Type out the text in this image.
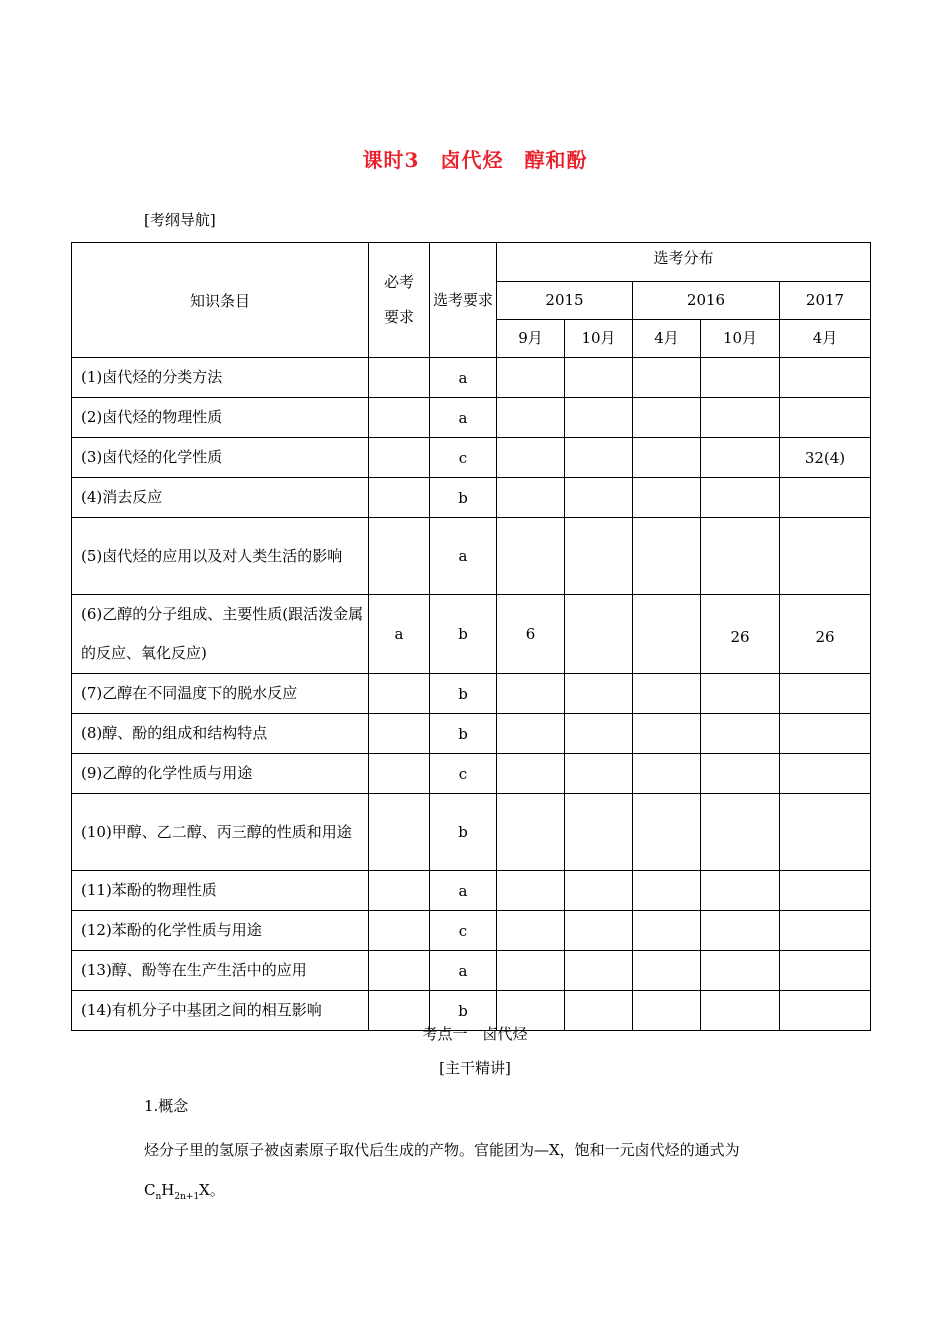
课时3　卤代烃　醇和酚
[考纲导航]
知识条目	必考要求	选考要求	选考分布				
			2015		2016		2017
			9月	10月	4月	10月	4月
(1)卤代烃的分类方法		a					
(2)卤代烃的物理性质		a					
(3)卤代烃的化学性质		c					32(4)
(4)消去反应		b					
(5)卤代烃的应用以及对人类生活的影响		a					
(6)乙醇的分子组成、主要性质(跟活泼金属的反应、氧化反应)	a	b	6			26	26
(7)乙醇在不同温度下的脱水反应		b					
(8)醇、酚的组成和结构特点		b					
(9)乙醇的化学性质与用途		c					
(10)甲醇、乙二醇、丙三醇的性质和用途		b					
(11)苯酚的物理性质		a					
(12)苯酚的化学性质与用途		c					
(13)醇、酚等在生产生活中的应用		a					
(14)有机分子中基团之间的相互影响		b					
考点一　卤代烃
[主干精讲]
1.概念
烃分子里的氢原子被卤素原子取代后生成的产物。官能团为—X，饱和一元卤代烃的通式为
$C_nH_{2n+1}X$。
